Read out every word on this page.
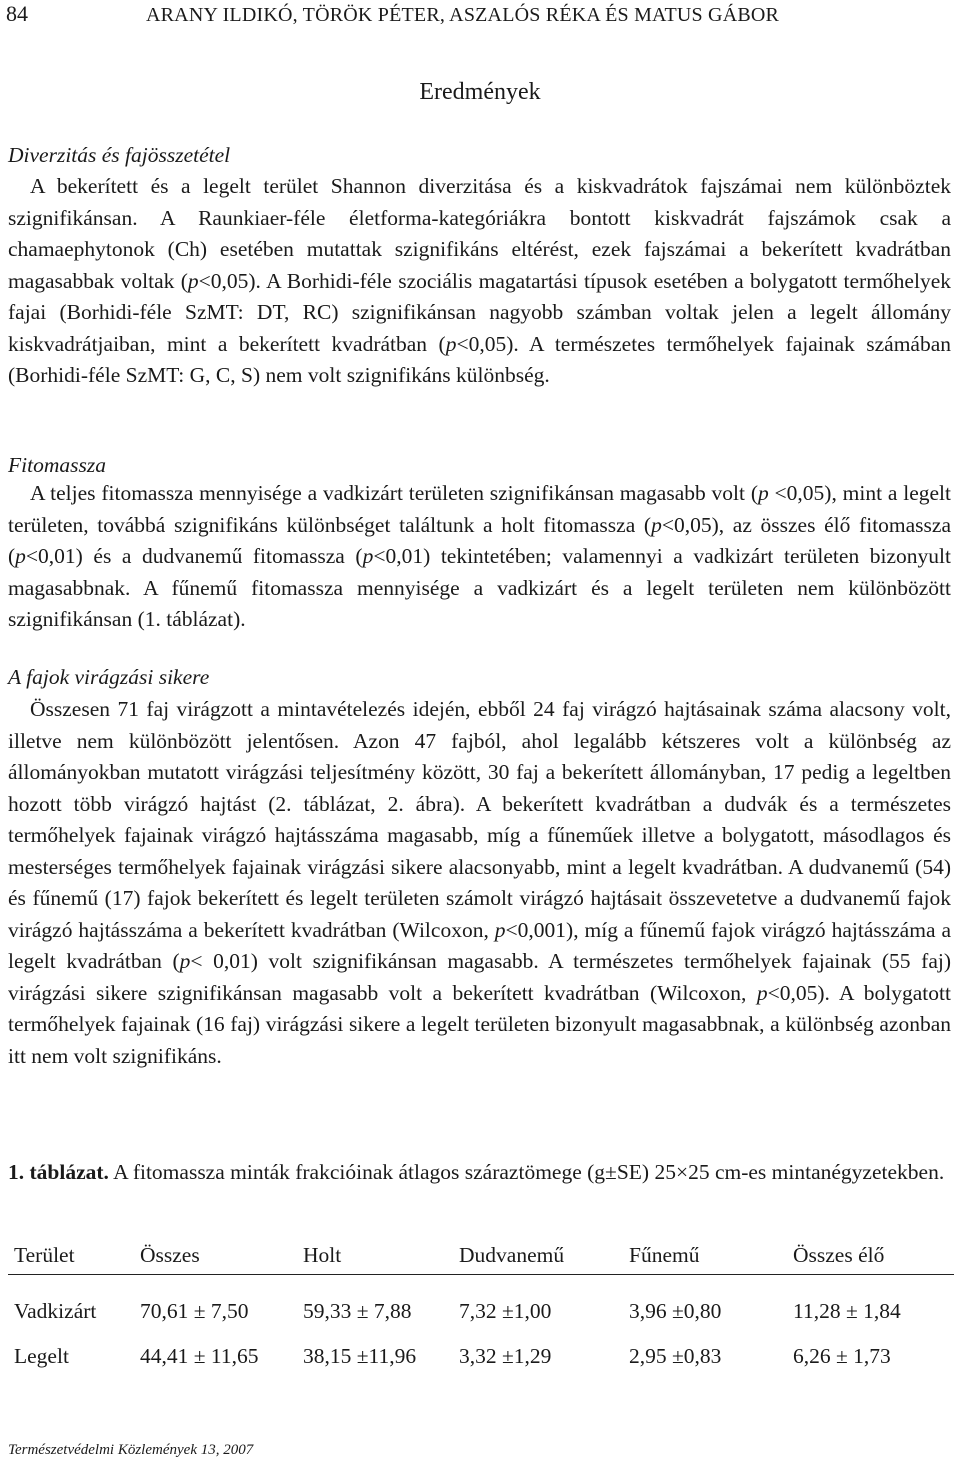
84	ARANY ILDIKÓ, TÖRÖK PÉTER, ASZALÓS RÉKA ÉS MATUS GÁBOR
Eredmények
Diverzitás és fajösszetétel
A bekerített és a legelt terület Shannon diverzitása és a kiskvadrátok fajszámai nem különböztek szignifikánsan. A Raunkiaer-féle életforma-kategóriákra bontott kiskvadrát fajszámok csak a chamaephytonok (Ch) esetében mutattak szignifikáns eltérést, ezek fajszámai a bekerített kvadrátban magasabbak voltak (p<0,05). A Borhidi-féle szociális magatartási típusok esetében a bolygatott termőhelyek fajai (Borhidi-féle SzMT: DT, RC) szignifikánsan nagyobb számban voltak jelen a legelt állomány kiskvadrátjaiban, mint a bekerített kvadrátban (p<0,05). A természetes termőhelyek fajainak számában (Borhidi-féle SzMT: G, C, S) nem volt szignifikáns különbség.
Fitomassza
A teljes fitomassza mennyisége a vadkizárt területen szignifikánsan magasabb volt (p <0,05), mint a legelt területen, továbbá szignifikáns különbséget találtunk a holt fitomassza (p<0,05), az összes élő fitomassza (p<0,01) és a dudvanemű fitomassza (p<0,01) tekintetében; valamennyi a vadkizárt területen bizonyult magasabbnak. A fűnemű fitomassza mennyisége a vadkizárt és a legelt területen nem különbözött szignifikánsan (1. táblázat).
A fajok virágzási sikere
Összesen 71 faj virágzott a mintavételezés idején, ebből 24 faj virágzó hajtásainak száma alacsony volt, illetve nem különbözött jelentősen. Azon 47 fajból, ahol legalább kétszeres volt a különbség az állományokban mutatott virágzási teljesítmény között, 30 faj a bekerített állományban, 17 pedig a legeltben hozott több virágzó hajtást (2. táblázat, 2. ábra). A bekerített kvadrátban a dudvák és a természetes termőhelyek fajainak virágzó hajtásszáma magasabb, míg a fűneműek illetve a bolygatott, másodlagos és mesterséges termőhelyek fajainak virágzási sikere alacsonyabb, mint a legelt kvadrátban. A dudvanemű (54) és fűnemű (17) fajok bekerített és legelt területen számolt virágzó hajtásait összevetetve a dudvanemű fajok virágzó hajtásszáma a bekerített kvadrátban (Wilcoxon, p<0,001), míg a fűnemű fajok virágzó hajtásszáma a legelt kvadrátban (p< 0,01) volt szignifikánsan magasabb. A természetes termőhelyek fajainak (55 faj) virágzási sikere szignifikánsan magasabb volt a bekerített kvadrátban (Wilcoxon, p<0,05). A bolygatott termőhelyek fajainak (16 faj) virágzási sikere a legelt területen bizonyult magasabbnak, a különbség azonban itt nem volt szignifikáns.
1. táblázat. A fitomassza minták frakcióinak átlagos száraztömege (g±SE) 25×25 cm-es mintanégyzetekben.
Terület	Összes	Holt	Dudvanemű	Fűnemű	Összes élő
Vadkizárt	70,61 ± 7,50	59,33 ± 7,88	7,32 ±1,00	3,96 ±0,80	11,28 ± 1,84
Legelt	44,41 ± 11,65	38,15 ±11,96	3,32 ±1,29	2,95 ±0,83	6,26 ± 1,73
Természetvédelmi Közlemények 13, 2007
